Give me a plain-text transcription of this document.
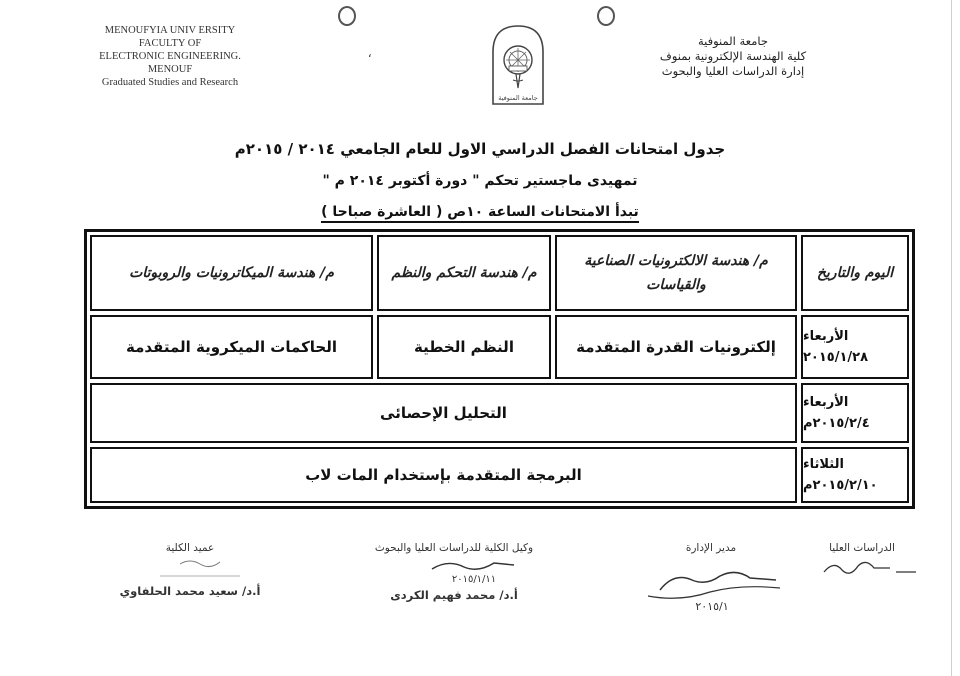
MENOUFYIA UNIV ERSITY
FACULTY OF
ELECTRONIC ENGINEERING.
MENOUF
Graduated Studies and Research
جامعة المنوفية
كلية الهندسة الإلكترونية بمنوف
إدارة الدراسات العليا والبحوث
جامعة المنوفية
‘
جدول امتحانات الفصل الدراسي الاول للعام الجامعي ٢٠١٤ / ٢٠١٥م
تمهيدى ماجستير تحكم " دورة أكتوبر ٢٠١٤ م "
تبدأ الامتحانات الساعة ١٠ص ( العاشرة صباحا )
اليوم والتاريخ
م/ هندسة الالكترونيات الصناعية والقياسات
م/ هندسة التحكم والنظم
م/ هندسة الميكاترونيات والروبوتات
الأربعاء
٢٠١٥/١/٢٨
إلكترونيات القدرة المتقدمة
النظم الخطية
الحاكمات الميكروية المتقدمة
الأربعاء
٢٠١٥/٢/٤م
التحليل الإحصائى
الثلاثاء
٢٠١٥/٢/١٠م
البرمجة المتقدمة بإستخدام المات لاب
الدراسات العليا
مدير الإدارة
٢٠١٥/١
وكيل الكلية للدراسات العليا والبحوث
٢٠١٥/١/١١
أ.د/ محمد فهيم الكردى
عميد الكلية
أ.د/ سعيد محمد الحلفاوي
